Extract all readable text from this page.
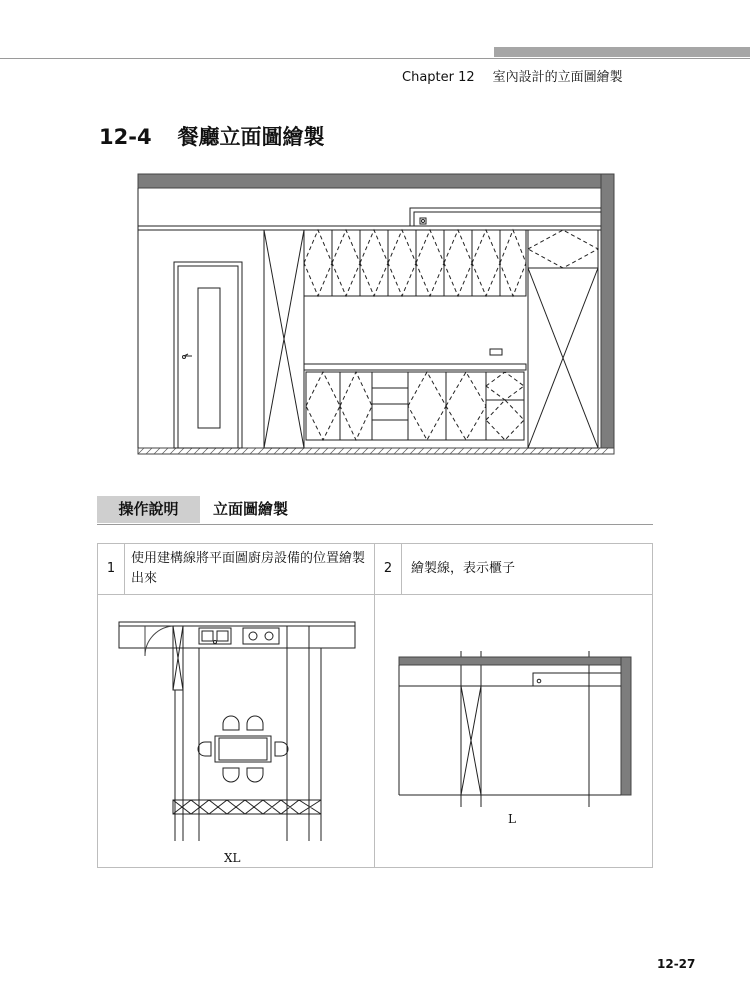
Chapter 12 室內設計的立面圖繪製
12-4 餐廳立面圖繪製
操作說明	立面圖繪製
1
使用建構線將平面圖廚房設備的位置繪製出來
2	繪製線，表示櫃子
XL
L
12-27
